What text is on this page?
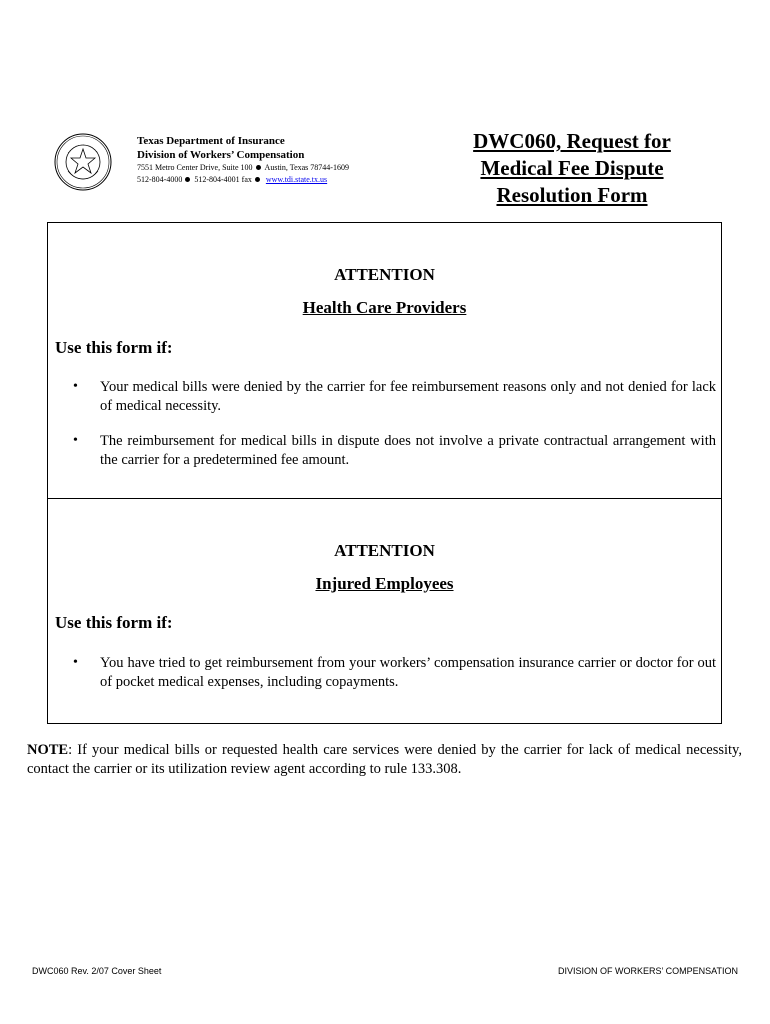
Texas Department of Insurance
Division of Workers’ Compensation
7551 Metro Center Drive, Suite 100 Austin, Texas 78744-1609
512-804-4000 512-804-4001 fax www.tdi.state.tx.us
DWC060, Request for
Medical Fee Dispute
Resolution Form
ATTENTION
Health Care Providers
Use this form if:
• Your medical bills were denied by the carrier for fee reimbursement reasons only and not denied for lack of medical necessity.
• The reimbursement for medical bills in dispute does not involve a private contractual arrangement with the carrier for a predetermined fee amount.
ATTENTION
Injured Employees
Use this form if:
• You have tried to get reimbursement from your workers’ compensation insurance carrier or doctor for out of pocket medical expenses, including copayments.
NOTE: If your medical bills or requested health care services were denied by the carrier for lack of medical necessity, contact the carrier or its utilization review agent according to rule 133.308.
DWC060 Rev. 2/07 Cover Sheet	DIVISION OF WORKERS’ COMPENSATION
